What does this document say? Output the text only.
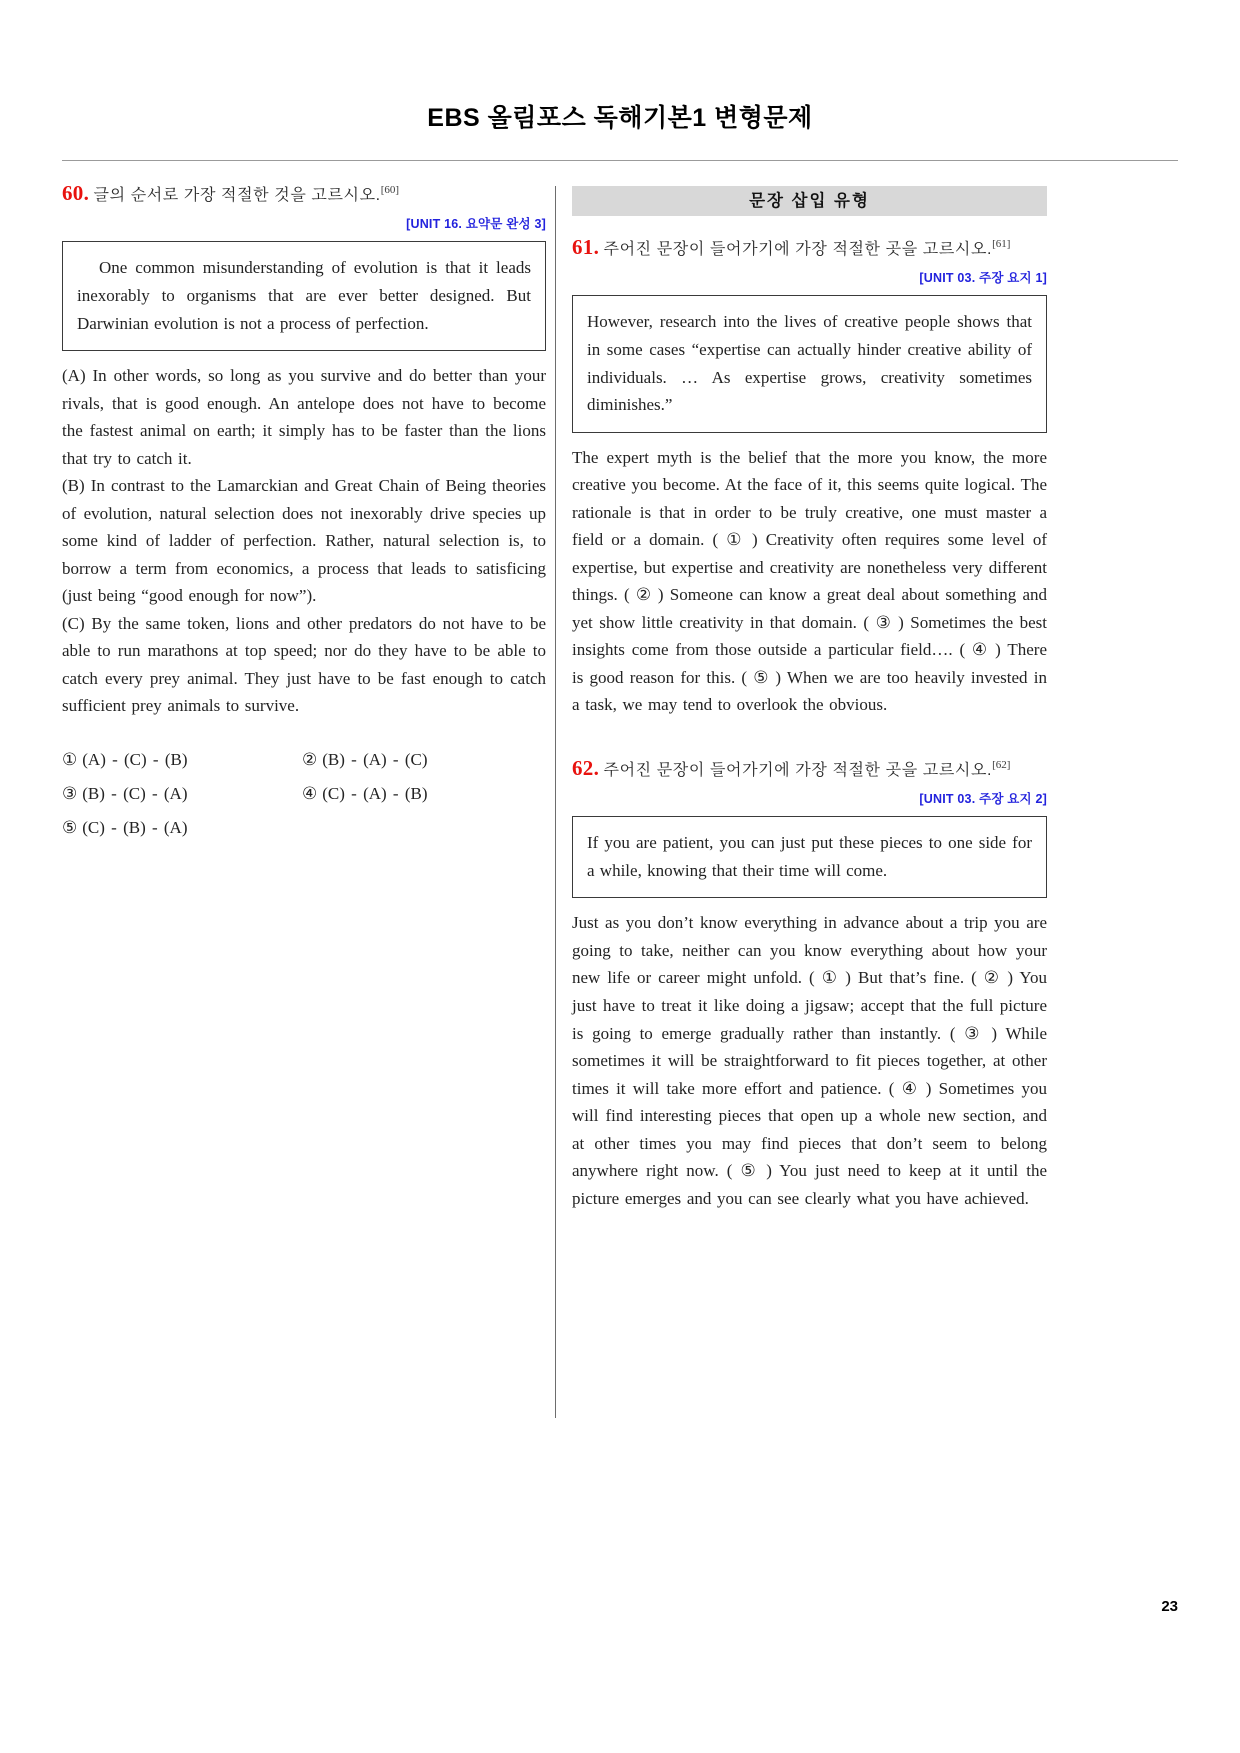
EBS 올림포스 독해기본1 변형문제
60. 글의 순서로 가장 적절한 것을 고르시오.[60]
[UNIT 16. 요약문 완성 3]

One common misunderstanding of evolution is that it leads inexorably to organisms that are ever better designed. But Darwinian evolution is not a process of perfection.

(A) In other words, so long as you survive and do better than your rivals, that is good enough. An antelope does not have to become the fastest animal on earth; it simply has to be faster than the lions that try to catch it.

(B) In contrast to the Lamarckian and Great Chain of Being theories of evolution, natural selection does not inexorably drive species up some kind of ladder of perfection. Rather, natural selection is, to borrow a term from economics, a process that leads to satisficing (just being “good enough for now”).

(C) By the same token, lions and other predators do not have to be able to run marathons at top speed; nor do they have to be able to catch every prey animal. They just have to be fast enough to catch sufficient prey animals to survive.

① (A) - (C) - (B)	② (B) - (A) - (C)
③ (B) - (C) - (A)	④ (C) - (A) - (B)
⑤ (C) - (B) - (A)
문장 삽입 유형
61. 주어진 문장이 들어가기에 가장 적절한 곳을 고르시오.[61]
[UNIT 03. 주장 요지 1]

However, research into the lives of creative people shows that in some cases “expertise can actually hinder creative ability of individuals. … As expertise grows, creativity sometimes diminishes.”

The expert myth is the belief that the more you know, the more creative you become. At the face of it, this seems quite logical. The rationale is that in order to be truly creative, one must master a field or a domain. ( ① ) Creativity often requires some level of expertise, but expertise and creativity are nonetheless very different things. ( ② ) Someone can know a great deal about something and yet show little creativity in that domain. ( ③ ) Sometimes the best insights come from those outside a particular field…. ( ④ ) There is good reason for this. ( ⑤ ) When we are too heavily invested in a task, we may tend to overlook the obvious.

62. 주어진 문장이 들어가기에 가장 적절한 곳을 고르시오.[62]
[UNIT 03. 주장 요지 2]

If you are patient, you can just put these pieces to one side for a while, knowing that their time will come.

Just as you don’t know everything in advance about a trip you are going to take, neither can you know everything about how your new life or career might unfold. ( ① ) But that’s fine. ( ② ) You just have to treat it like doing a jigsaw; accept that the full picture is going to emerge gradually rather than instantly. ( ③ ) While sometimes it will be straightforward to fit pieces together, at other times it will take more effort and patience. ( ④ ) Sometimes you will find interesting pieces that open up a whole new section, and at other times you may find pieces that don’t seem to belong anywhere right now. ( ⑤ ) You just need to keep at it until the picture emerges and you can see clearly what you have achieved.

23
